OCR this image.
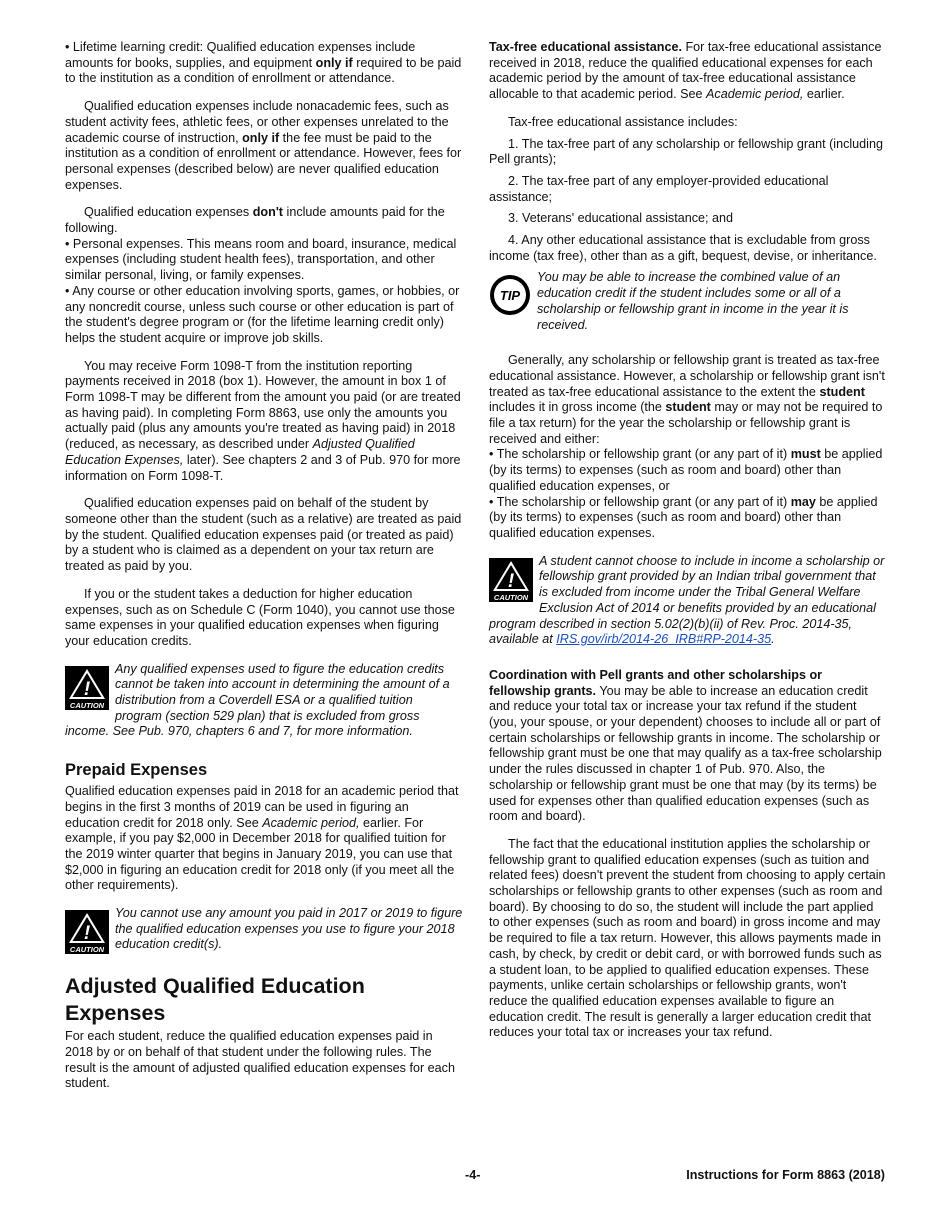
• Lifetime learning credit: Qualified education expenses include amounts for books, supplies, and equipment only if required to be paid to the institution as a condition of enrollment or attendance.

Qualified education expenses include nonacademic fees, such as student activity fees, athletic fees, or other expenses unrelated to the academic course of instruction, only if the fee must be paid to the institution as a condition of enrollment or attendance. However, fees for personal expenses (described below) are never qualified education expenses.

Qualified education expenses don't include amounts paid for the following.

• Personal expenses. This means room and board, insurance, medical expenses (including student health fees), transportation, and other similar personal, living, or family expenses.

• Any course or other education involving sports, games, or hobbies, or any noncredit course, unless such course or other education is part of the student's degree program or (for the lifetime learning credit only) helps the student acquire or improve job skills.

You may receive Form 1098-T from the institution reporting payments received in 2018 (box 1). However, the amount in box 1 of Form 1098-T may be different from the amount you paid (or are treated as having paid). In completing Form 8863, use only the amounts you actually paid (plus any amounts you're treated as having paid) in 2018 (reduced, as necessary, as described under Adjusted Qualified Education Expenses, later). See chapters 2 and 3 of Pub. 970 for more information on Form 1098-T.

Qualified education expenses paid on behalf of the student by someone other than the student (such as a relative) are treated as paid by the student. Qualified education expenses paid (or treated as paid) by a student who is claimed as a dependent on your tax return are treated as paid by you.

If you or the student takes a deduction for higher education expenses, such as on Schedule C (Form 1040), you cannot use those same expenses in your qualified education expenses when figuring your education credits.

!
CAUTION
Any qualified expenses used to figure the education credits cannot be taken into account in determining the amount of a distribution from a Coverdell ESA or a qualified tuition program (section 529 plan) that is excluded from gross income. See Pub. 970, chapters 6 and 7, for more information.
Prepaid Expenses

Qualified education expenses paid in 2018 for an academic period that begins in the first 3 months of 2019 can be used in figuring an education credit for 2018 only. See Academic period, earlier. For example, if you pay $2,000 in December 2018 for qualified tuition for the 2019 winter quarter that begins in January 2019, you can use that $2,000 in figuring an education credit for 2018 only (if you meet all the other requirements).

!
CAUTION
You cannot use any amount you paid in 2017 or 2019 to figure the qualified education expenses you use to figure your 2018 education credit(s).
Adjusted Qualified Education Expenses

For each student, reduce the qualified education expenses paid in 2018 by or on behalf of that student under the following rules. The result is the amount of adjusted qualified education expenses for each student.

Tax-free educational assistance. For tax-free educational assistance received in 2018, reduce the qualified educational expenses for each academic period by the amount of tax-free educational assistance allocable to that academic period. See Academic period, earlier.

Tax-free educational assistance includes:

1. The tax-free part of any scholarship or fellowship grant (including Pell grants);

2. The tax-free part of any employer-provided educational assistance;

3. Veterans' educational assistance; and

4. Any other educational assistance that is excludable from gross income (tax free), other than as a gift, bequest, devise, or inheritance.

TIP
You may be able to increase the combined value of an education credit if the student includes some or all of a scholarship or fellowship grant in income in the year it is received.

Generally, any scholarship or fellowship grant is treated as tax-free educational assistance. However, a scholarship or fellowship grant isn't treated as tax-free educational assistance to the extent the student includes it in gross income (the student may or may not be required to file a tax return) for the year the scholarship or fellowship grant is received and either:

• The scholarship or fellowship grant (or any part of it) must be applied (by its terms) to expenses (such as room and board) other than qualified education expenses, or

• The scholarship or fellowship grant (or any part of it) may be applied (by its terms) to expenses (such as room and board) other than qualified education expenses.

!
CAUTION
A student cannot choose to include in income a scholarship or fellowship grant provided by an Indian tribal government that is excluded from income under the Tribal General Welfare Exclusion Act of 2014 or benefits provided by an educational program described in section 5.02(2)(b)(ii) of Rev. Proc. 2014-35, available at IRS.gov/irb/2014-26_IRB#RP-2014-35.

Coordination with Pell grants and other scholarships or fellowship grants. You may be able to increase an education credit and reduce your total tax or increase your tax refund if the student (you, your spouse, or your dependent) chooses to include all or part of certain scholarships or fellowship grants in income. The scholarship or fellowship grant must be one that may qualify as a tax-free scholarship under the rules discussed in chapter 1 of Pub. 970. Also, the scholarship or fellowship grant must be one that may (by its terms) be used for expenses other than qualified education expenses (such as room and board).

The fact that the educational institution applies the scholarship or fellowship grant to qualified education expenses (such as tuition and related fees) doesn't prevent the student from choosing to apply certain scholarships or fellowship grants to other expenses (such as room and board). By choosing to do so, the student will include the part applied to other expenses (such as room and board) in gross income and may be required to file a tax return. However, this allows payments made in cash, by check, by credit or debit card, or with borrowed funds such as a student loan, to be applied to qualified education expenses. These payments, unlike certain scholarships or fellowship grants, won't reduce the qualified education expenses available to figure an education credit. The result is generally a larger education credit that reduces your total tax or increases your tax refund.

-4-	Instructions for Form 8863 (2018)
